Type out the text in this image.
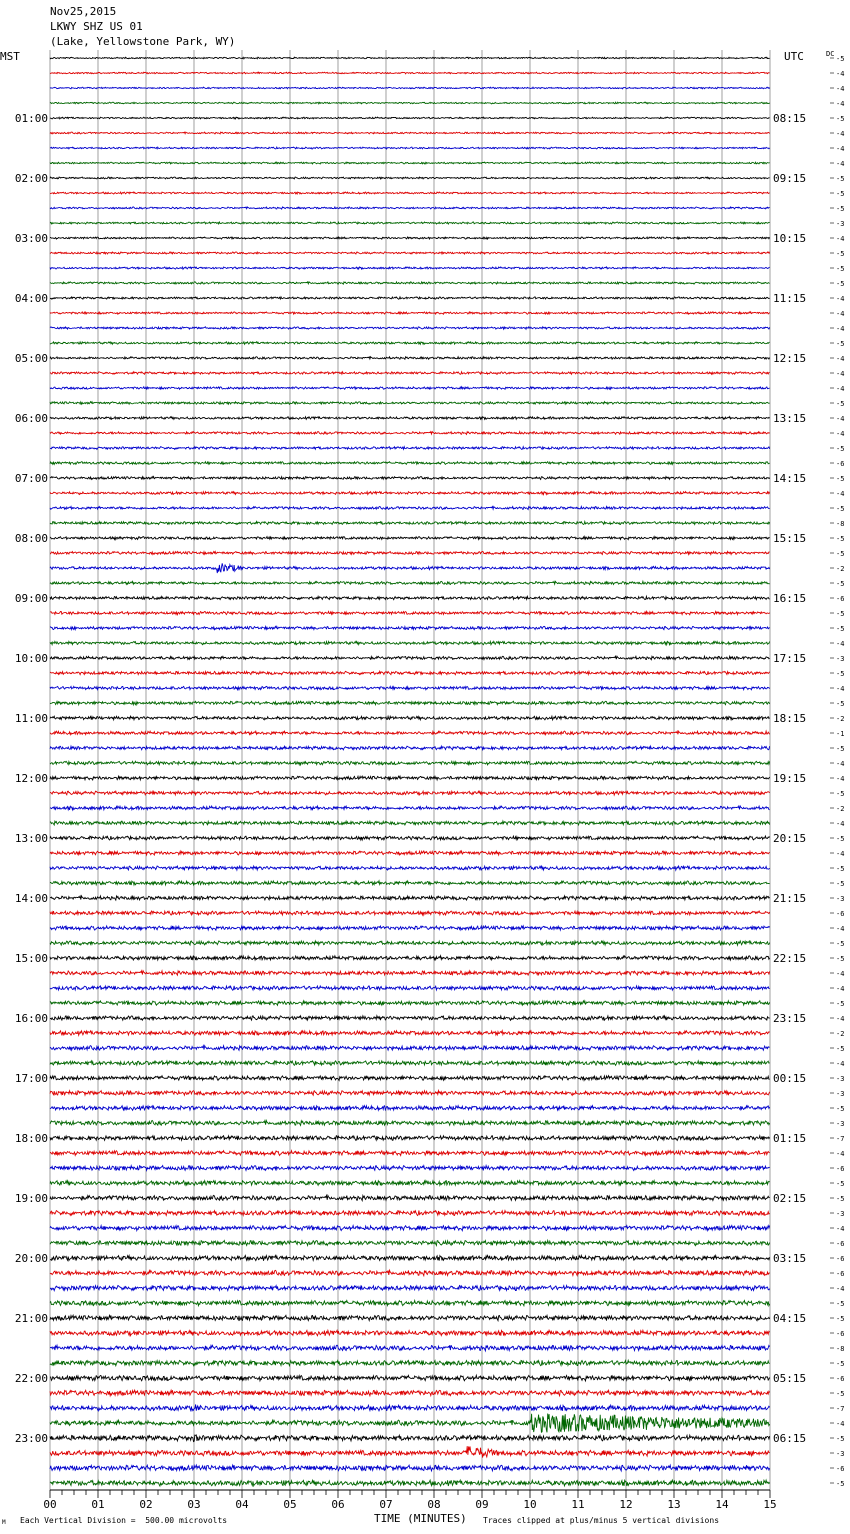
Nov25,2015
LKWY SHZ US 01
(Lake, Yellowstone Park, WY)
MST	UTC
01:00
02:00
03:00
04:00
05:00
06:00
07:00
08:00
09:00
10:00
11:00
12:00
13:00
14:00
15:00
16:00
17:00
18:00
19:00
20:00
21:00
22:00
23:00
08:15
09:15
10:15
11:15
12:15
13:15
14:15
15:15
16:15
17:15
18:15
19:15
20:15
21:15
22:15
23:15
00:15
01:15
02:15
03:15
04:15
05:15
06:15
-5
-4
-4
-4
-5
-4
-4
-4
-5
-5
-5
-3
-4
-5
-5
-5
-4
-4
-4
-5
-4
-4
-4
-5
-4
-4
-5
-6
-5
-4
-5
-8
-5
-5
-2
-5
-6
-5
-5
-4
-3
-5
-4
-5
-2
-1
-5
-4
-4
-5
-2
-4
-5
-4
-5
-5
-3
-6
-4
-5
-5
-4
-4
-5
-4
-2
-5
-4
-3
-3
-5
-3
-7
-4
-6
-5
-5
-3
-4
-6
-6
-6
-4
-5
-5
-6
-8
-5
-6
-5
-7
-4
-5
-3
-6
-5
DC
00	01	02	03	04	05	06	07	08	09	10	11	12	13	14	15
TIME (MINUTES)
M Each Vertical Division =  500.00 microvolts	Traces clipped at plus/minus 5 vertical divisions
